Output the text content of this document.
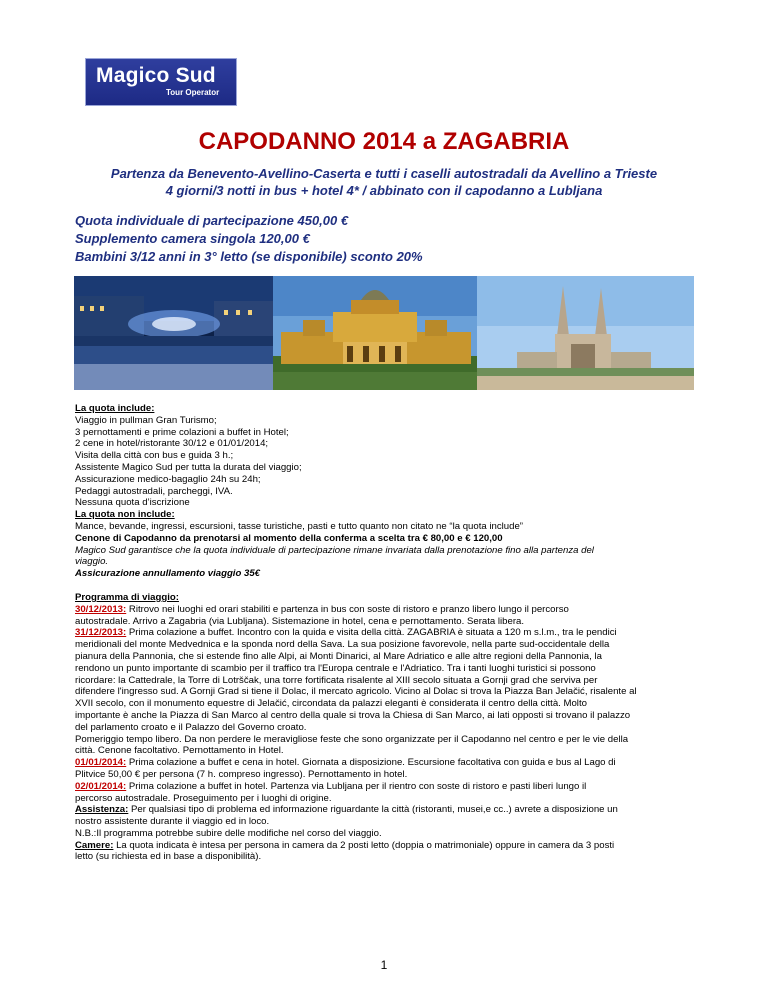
Magico Sud
Tour Operator
CAPODANNO 2014 a ZAGABRIA
Partenza da Benevento-Avellino-Caserta e tutti i caselli autostradali da Avellino a Trieste
4 giorni/3 notti in bus + hotel 4* / abbinato con il capodanno a Lubljana
Quota individuale di partecipazione 450,00 €
Supplemento camera singola 120,00 €
Bambini 3/12 anni in 3° letto (se disponibile) sconto 20%
La quota include:
Viaggio in pullman Gran Turismo;
3 pernottamenti e prime colazioni a buffet in Hotel;
2 cene in hotel/ristorante 30/12 e 01/01/2014;
Visita della città con bus e guida 3 h.;
Assistente Magico Sud per tutta la durata del viaggio;
Assicurazione medico-bagaglio 24h su 24h;
Pedaggi autostradali, parcheggi, IVA.
Nessuna quota d’iscrizione
La quota non include:
Mance, bevande, ingressi, escursioni, tasse turistiche, pasti e tutto quanto non citato ne “la quota include”
Cenone di Capodanno da prenotarsi al momento della conferma a scelta tra € 80,00 e € 120,00
Magico Sud garantisce che la quota individuale di partecipazione rimane invariata dalla prenotazione fino alla partenza del
viaggio.
Assicurazione annullamento viaggio 35€
Programma di viaggio:
30/12/2013: Ritrovo nei luoghi ed orari stabiliti e partenza in bus con soste di ristoro e pranzo libero lungo il percorso
autostradale. Arrivo a Zagabria (via Lubljana). Sistemazione in hotel, cena e pernottamento. Serata libera.
31/12/2013: Prima colazione a buffet. Incontro con la quida e visita della città. ZAGABRIA è situata a 120 m s.l.m., tra le pendici
meridionali del monte Medvednica e la sponda nord della Sava. La sua posizione favorevole, nella parte sud-occidentale della
pianura della Pannonia, che si estende fino alle Alpi, ai Monti Dinarici, al Mare Adriatico e alle altre regioni della Pannonia, la
rendono un punto importante di scambio per il traffico tra l'Europa centrale e l'Adriatico. Tra i tanti luoghi turistici si possono
ricordare: la Cattedrale, la Torre di Lotrščak, una torre fortificata risalente al XIII secolo situata a Gornji grad che serviva per
difendere l'ingresso sud. A Gornji Grad si tiene il Dolac, il mercato agricolo. Vicino al Dolac si trova la Piazza Ban Jelačić, risalente al
XVII secolo, con il monumento equestre di Jelačić, circondata da palazzi eleganti è considerata il centro della città. Molto
importante è anche la Piazza di San Marco al centro della quale si trova la Chiesa di San Marco, ai lati opposti si trovano il palazzo
del parlamento croato e il Palazzo del Governo croato.
Pomeriggio tempo libero. Da non perdere le meravigliose feste che sono organizzate per il Capodanno nel centro e per le vie della
città. Cenone facoltativo. Pernottamento in Hotel.
01/01/2014: Prima colazione a buffet e cena in hotel. Giornata a disposizione. Escursione facoltativa con guida e bus al Lago di
Plitvice 50,00 € per persona (7 h. compreso ingresso). Pernottamento in hotel.
02/01/2014: Prima colazione a buffet in hotel. Partenza via Lubljana per il rientro con soste di ristoro e pasti liberi lungo il
percorso autostradale. Proseguimento per i luoghi di origine.
Assistenza: Per qualsiasi tipo di problema ed informazione riguardante la città (ristoranti, musei,e cc..) avrete a disposizione un
nostro assistente durante il viaggio ed in loco.
N.B.:Il programma potrebbe subire delle modifiche nel corso del viaggio.
Camere: La quota indicata è intesa per persona in camera da 2 posti letto (doppia o matrimoniale) oppure in camera da 3 posti
letto (su richiesta ed in base a disponibilità).
1
